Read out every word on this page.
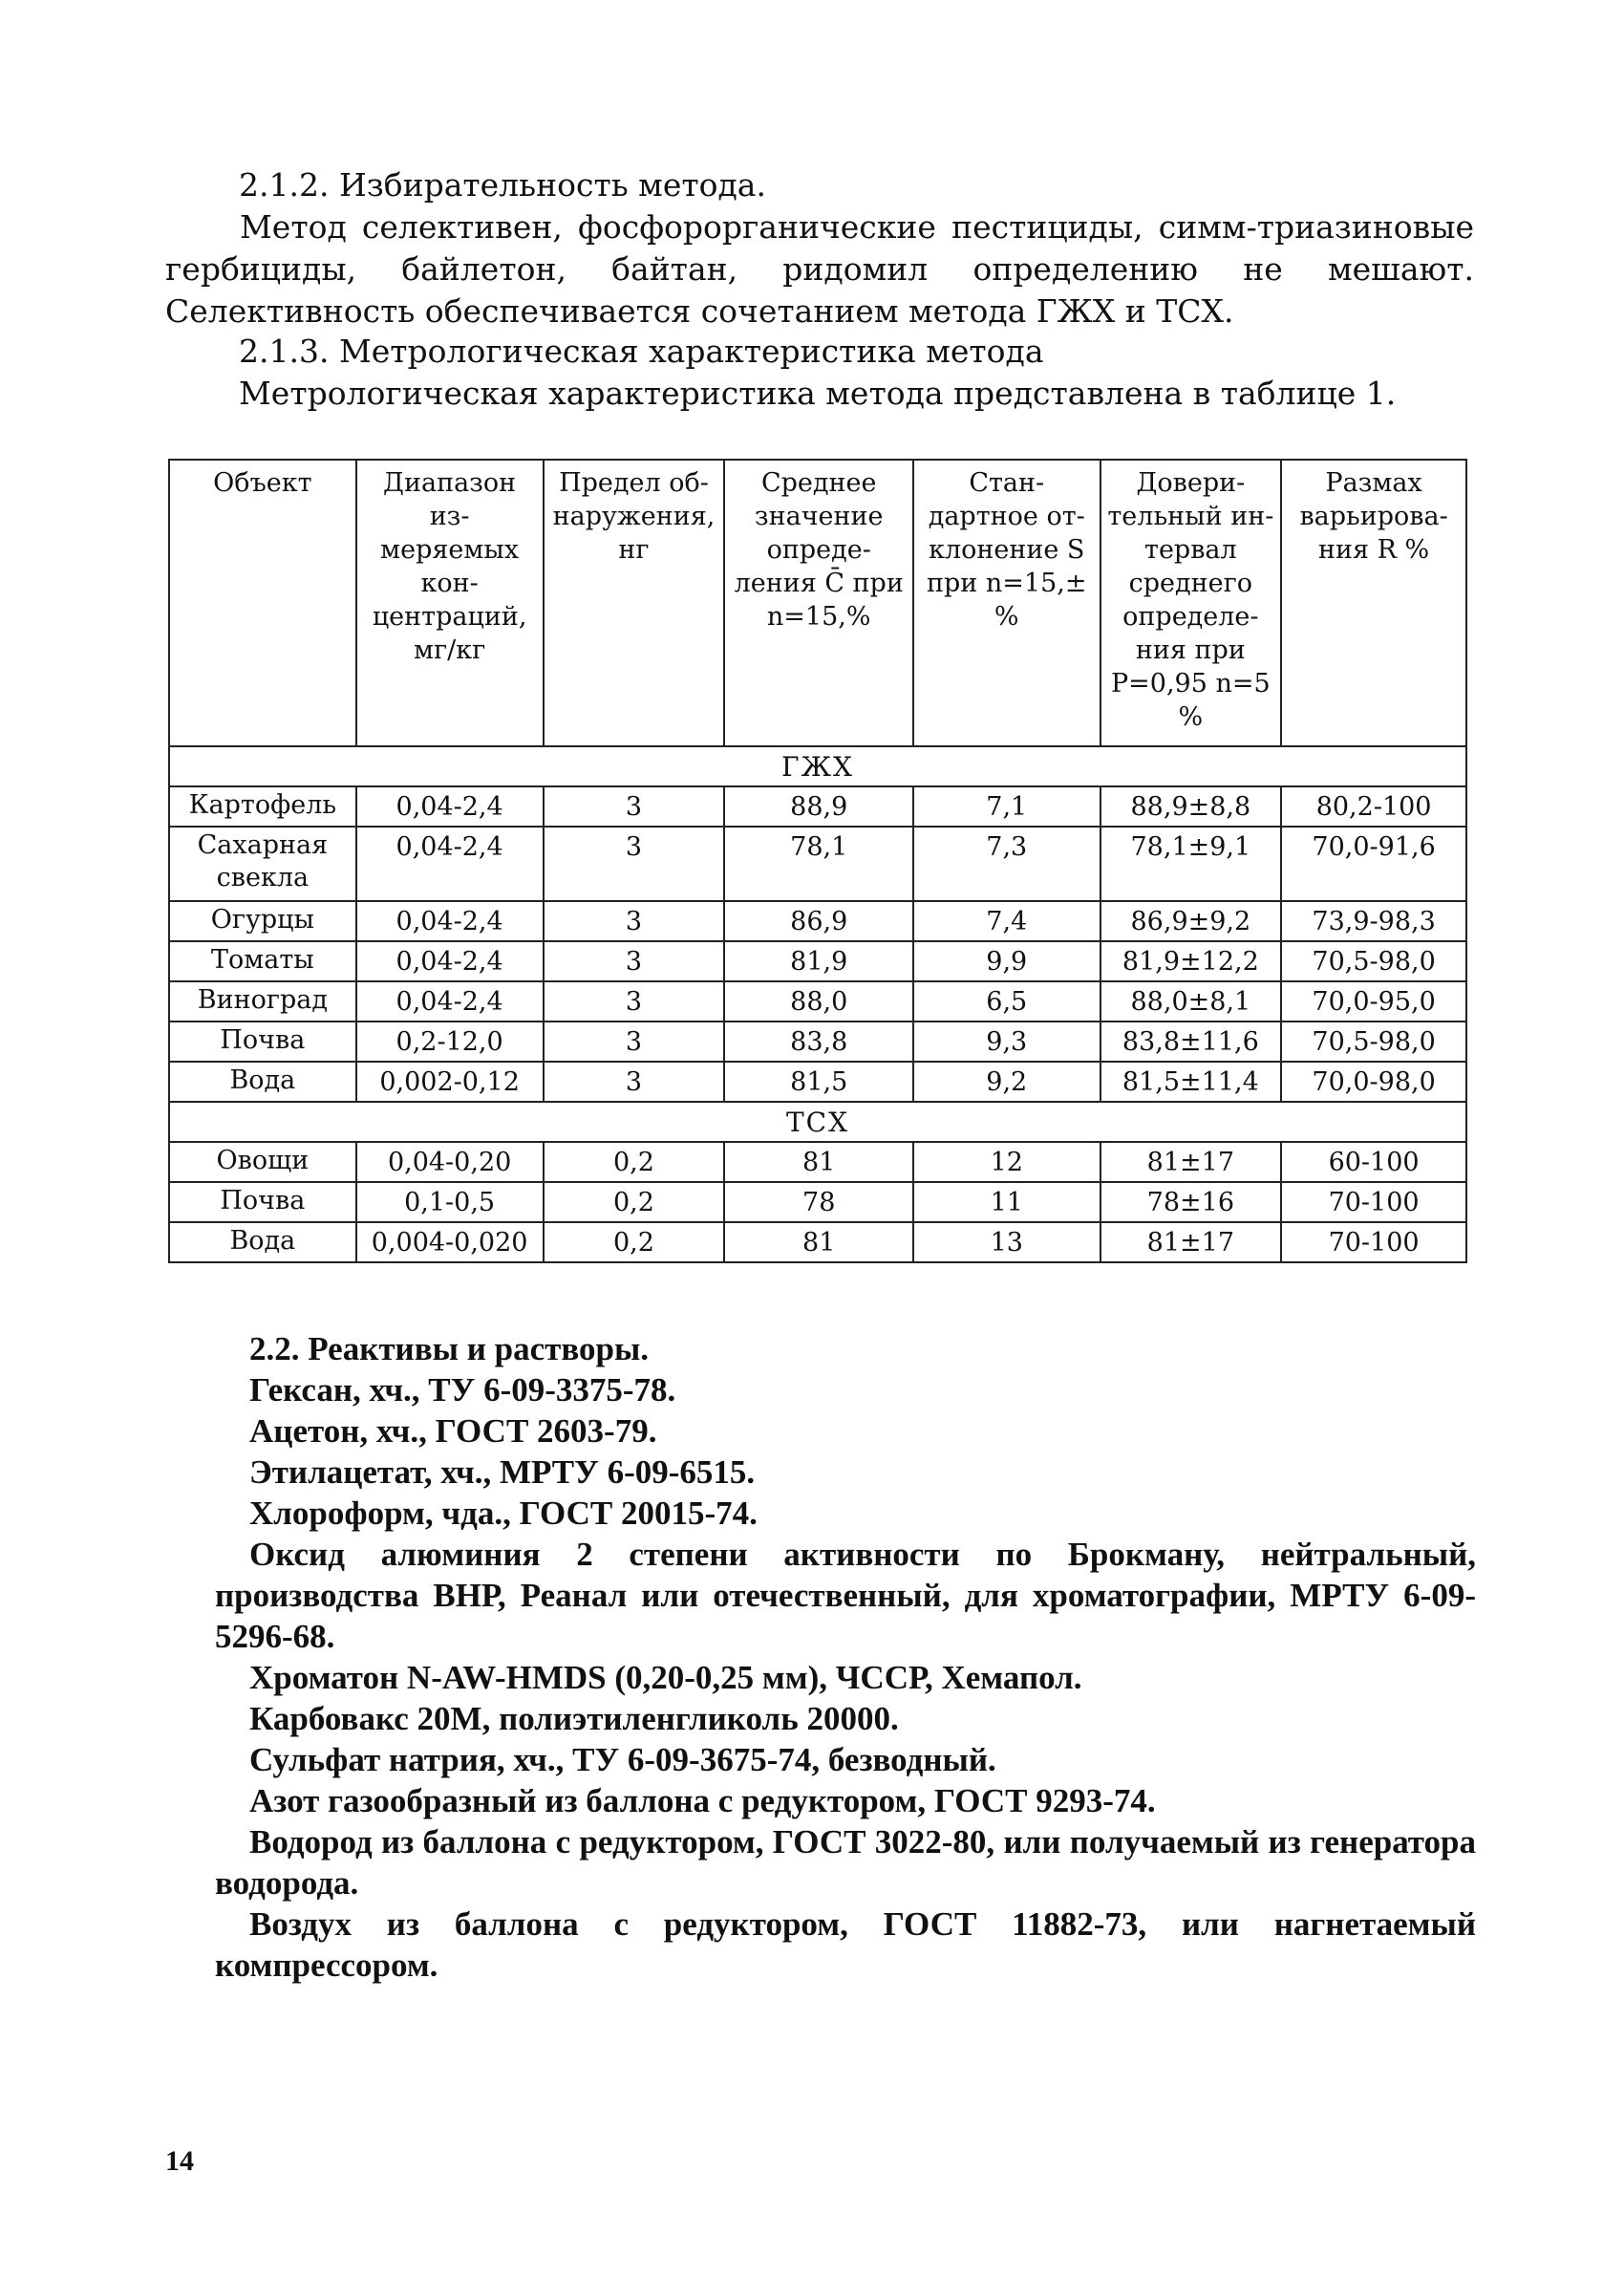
2.1.2. Избирательность метода.

Метод селективен, фосфорорганические пестициды, симм-триазиновые гербициды, байлетон, байтан, ридомил определению не мешают. Селективность обеспечивается сочетанием метода ГЖХ и ТСХ.

2.1.3. Метрологическая характеристика метода

Метрологическая характеристика метода представлена в таблице 1.

Объект	Диапазон из-меряемых кон-центраций, мг/кг	Предел об-наружения, нг	Среднее значение опреде-ления C̄ при n=15,%	Стан-дартное от-клонение S при n=15,± %	Довери-тельный ин-тервал среднего определе-ния при P=0,95 n=5 %	Размах варьирова-ния R %
ГЖХ						
Картофель	0,04-2,4	3	88,9	7,1	88,9±8,8	80,2-100
Сахарная свекла	0,04-2,4	3	78,1	7,3	78,1±9,1	70,0-91,6
Огурцы	0,04-2,4	3	86,9	7,4	86,9±9,2	73,9-98,3
Томаты	0,04-2,4	3	81,9	9,9	81,9±12,2	70,5-98,0
Виноград	0,04-2,4	3	88,0	6,5	88,0±8,1	70,0-95,0
Почва	0,2-12,0	3	83,8	9,3	83,8±11,6	70,5-98,0
Вода	0,002-0,12	3	81,5	9,2	81,5±11,4	70,0-98,0
ТСХ						
Овощи	0,04-0,20	0,2	81	12	81±17	60-100
Почва	0,1-0,5	0,2	78	11	78±16	70-100
Вода	0,004-0,020	0,2	81	13	81±17	70-100

2.2. Реактивы и растворы.

Гексан, хч., ТУ 6-09-3375-78.

Ацетон, хч., ГОСТ 2603-79.

Этилацетат, хч., МРТУ 6-09-6515.

Хлороформ, чда., ГОСТ 20015-74.

Оксид алюминия 2 степени активности по Брокману, нейтральный, производства ВНР, Реанал или отечественный, для хроматографии, МРТУ 6-09-5296-68.

Хроматон N-AW-HMDS (0,20-0,25 мм), ЧССР, Хемапол.

Карбовакс 20М, полиэтиленгликоль 20000.

Сульфат натрия, хч., ТУ 6-09-3675-74, безводный.

Азот газообразный из баллона с редуктором, ГОСТ 9293-74.

Водород из баллона с редуктором, ГОСТ 3022-80, или получаемый из генератора водорода.

Воздух из баллона с редуктором, ГОСТ 11882-73, или нагнетаемый компрессором.

14
